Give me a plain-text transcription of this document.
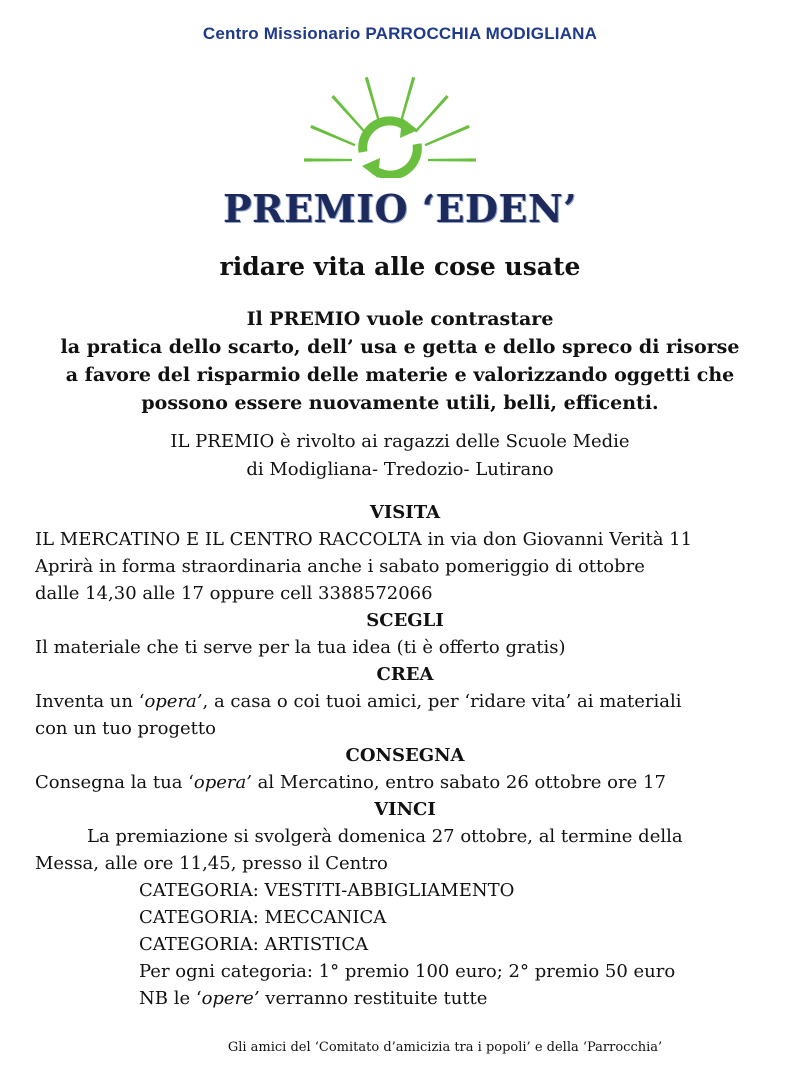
Centro Missionario PARROCCHIA MODIGLIANA
PREMIO ‘EDEN’
ridare vita alle cose usate
Il PREMIO vuole contrastare
la pratica dello scarto, dell’ usa e getta e dello spreco di risorse
a favore del risparmio delle materie e valorizzando oggetti che
possono essere nuovamente utili, belli, efficenti.
IL PREMIO è rivolto ai ragazzi delle Scuole Medie
di Modigliana- Tredozio- Lutirano
VISITA
IL MERCATINO E IL CENTRO RACCOLTA in via don Giovanni Verità 11
Aprirà in forma straordinaria anche i sabato pomeriggio di ottobre
dalle 14,30 alle 17 oppure cell 3388572066
SCEGLI
Il materiale che ti serve per la tua idea (ti è offerto gratis)
CREA
Inventa un ‘opera’, a casa o coi tuoi amici, per ‘ridare vita’ ai materiali
con un tuo progetto
CONSEGNA
Consegna la tua ‘opera’ al Mercatino, entro sabato 26 ottobre ore 17
VINCI
La premiazione si svolgerà domenica 27 ottobre, al termine della
Messa, alle ore 11,45, presso il Centro
CATEGORIA: VESTITI-ABBIGLIAMENTO
CATEGORIA: MECCANICA
CATEGORIA: ARTISTICA
Per ogni categoria: 1° premio 100 euro; 2° premio 50 euro
NB le ‘opere’ verranno restituite tutte
Gli amici del ‘Comitato d’amicizia tra i popoli’ e della ‘Parrocchia’
